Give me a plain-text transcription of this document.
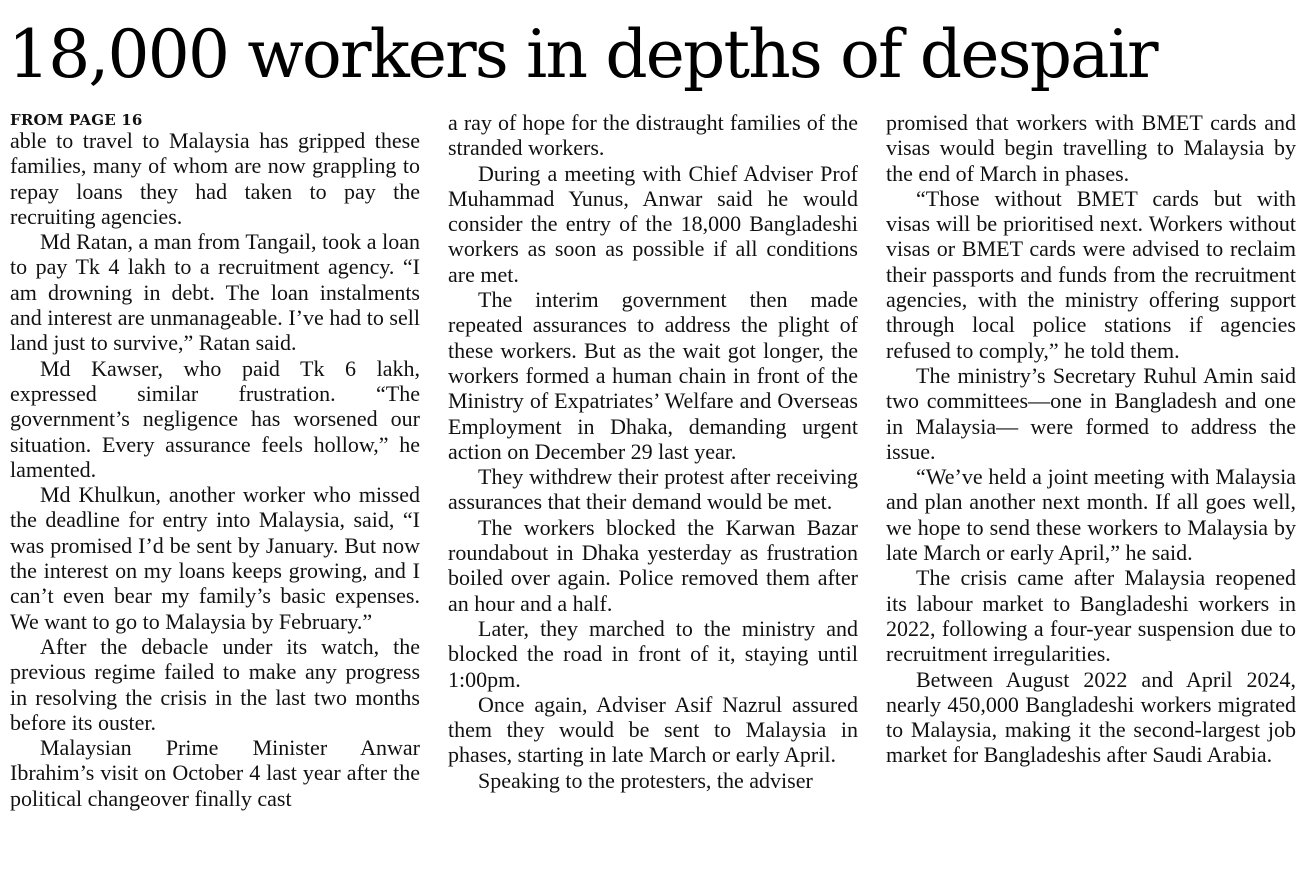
18,000 workers in depths of despair
FROM PAGE 16

able to travel to Malaysia has gripped these families, many of whom are now grappling to repay loans they had taken to pay the recruiting agencies.

Md Ratan, a man from Tangail, took a loan to pay Tk 4 lakh to a recruitment agency. “I am drowning in debt. The loan instalments and interest are unmanageable. I’ve had to sell land just to survive,” Ratan said.

Md Kawser, who paid Tk 6 lakh, expressed similar frustration. “The government’s negligence has worsened our situation. Every assurance feels hollow,” he lamented.

Md Khulkun, another worker who missed the deadline for entry into Malaysia, said, “I was promised I’d be sent by January. But now the interest on my loans keeps growing, and I can’t even bear my family’s basic expenses. We want to go to Malaysia by February.”

After the debacle under its watch, the previous regime failed to make any progress in resolving the crisis in the last two months before its ouster.

Malaysian Prime Minister Anwar Ibrahim’s visit on October 4 last year after the political changeover finally cast

a ray of hope for the distraught families of the stranded workers.

During a meeting with Chief Adviser Prof Muhammad Yunus, Anwar said he would consider the entry of the 18,000 Bangladeshi workers as soon as possible if all conditions are met.

The interim government then made repeated assurances to address the plight of these workers. But as the wait got longer, the workers formed a human chain in front of the Ministry of Expatriates’ Welfare and Overseas Employment in Dhaka, demanding urgent action on December 29 last year.

They withdrew their protest after receiving assurances that their demand would be met.

The workers blocked the Karwan Bazar roundabout in Dhaka yesterday as frustration boiled over again. Police removed them after an hour and a half.

Later, they marched to the ministry and blocked the road in front of it, staying until 1:00pm.

Once again, Adviser Asif Nazrul assured them they would be sent to Malaysia in phases, starting in late March or early April.

Speaking to the protesters, the adviser

promised that workers with BMET cards and visas would begin travelling to Malaysia by the end of March in phases.

“Those without BMET cards but with visas will be prioritised next. Workers without visas or BMET cards were advised to reclaim their passports and funds from the recruitment agencies, with the ministry offering support through local police stations if agencies refused to comply,” he told them.

The ministry’s Secretary Ruhul Amin said two committees—one in Bangladesh and one in Malaysia— were formed to address the issue.

“We’ve held a joint meeting with Malaysia and plan another next month. If all goes well, we hope to send these workers to Malaysia by late March or early April,” he said.

The crisis came after Malaysia reopened its labour market to Bangladeshi workers in 2022, following a four-year suspension due to recruitment irregularities.

Between August 2022 and April 2024, nearly 450,000 Bangladeshi workers migrated to Malaysia, making it the second-largest job market for Bangladeshis after Saudi Arabia.
